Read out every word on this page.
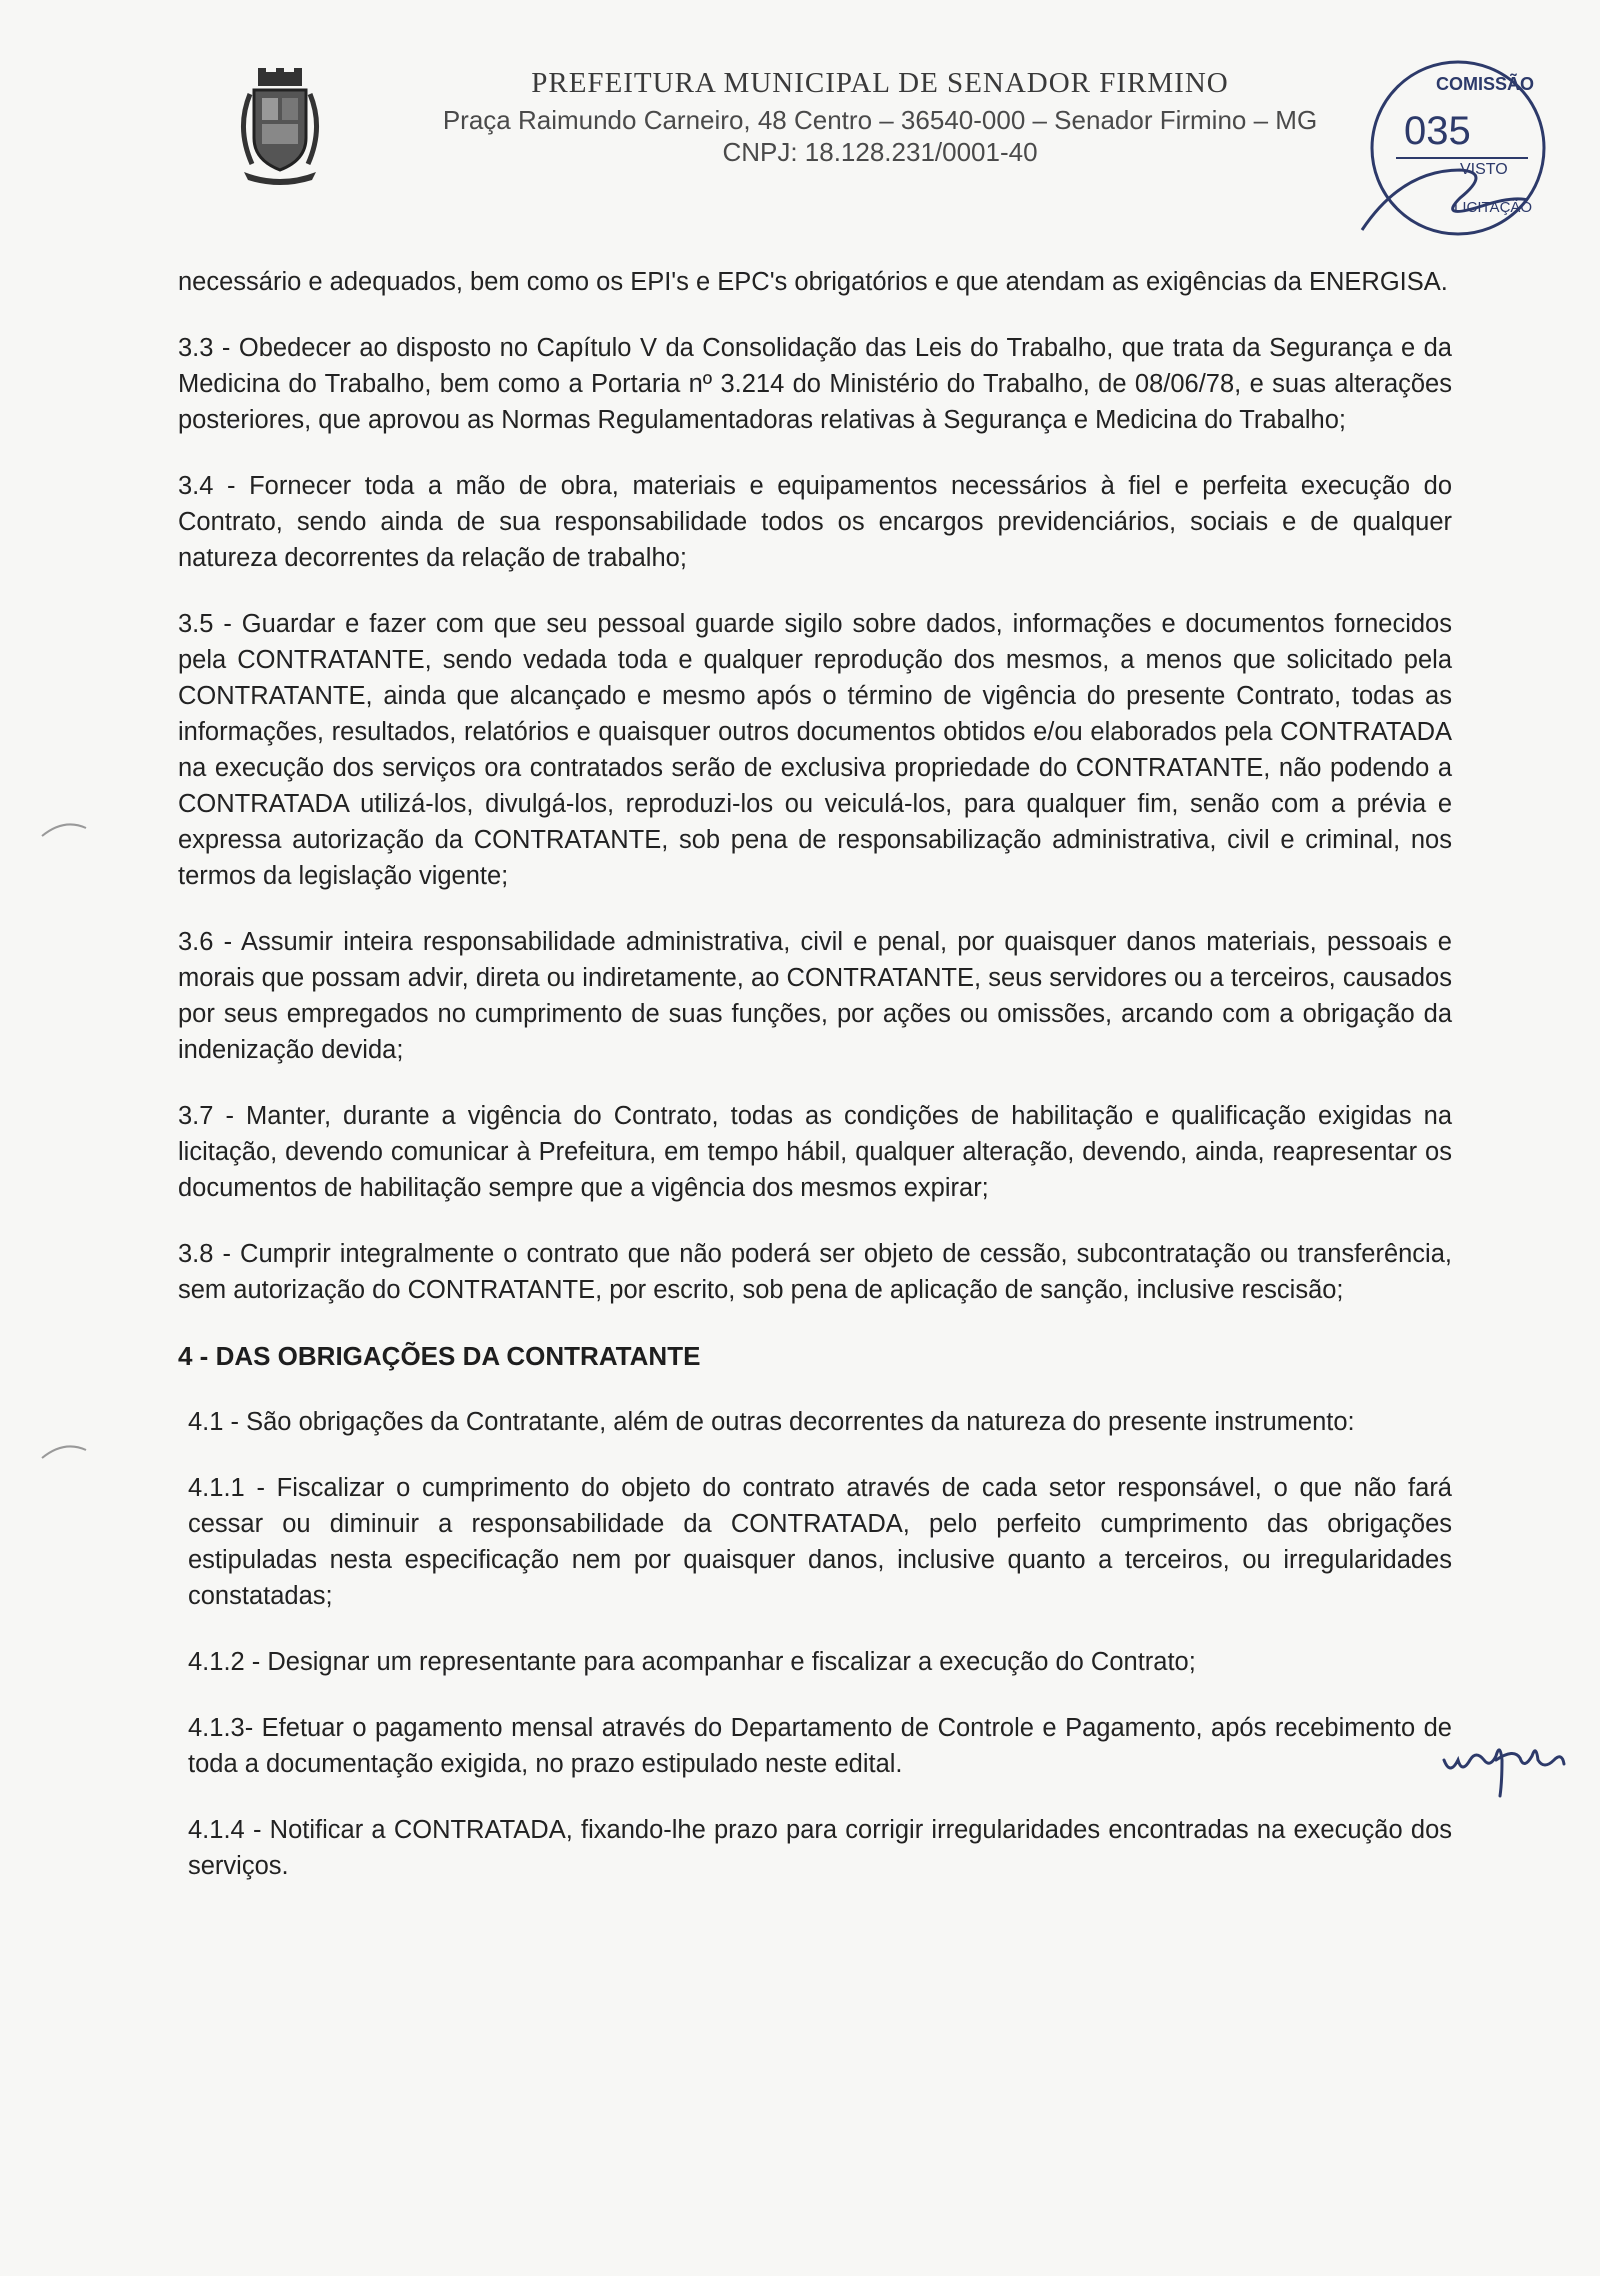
PREFEITURA MUNICIPAL DE SENADOR FIRMINO

Praça Raimundo Carneiro, 48 Centro – 36540-000 – Senador Firmino – MG

CNPJ: 18.128.231/0001-40

COMISSÃO
035
VISTO
LICITAÇÃO

necessário e adequados, bem como os EPI's e EPC's obrigatórios e que atendam as exigências da ENERGISA.

3.3 - Obedecer ao disposto no Capítulo V da Consolidação das Leis do Trabalho, que trata da Segurança e da Medicina do Trabalho, bem como a Portaria nº 3.214 do Ministério do Trabalho, de 08/06/78, e suas alterações posteriores, que aprovou as Normas Regulamentadoras relativas à Segurança e Medicina do Trabalho;

3.4 - Fornecer toda a mão de obra, materiais e equipamentos necessários à fiel e perfeita execução do Contrato, sendo ainda de sua responsabilidade todos os encargos previdenciários, sociais e de qualquer natureza decorrentes da relação de trabalho;

3.5 - Guardar e fazer com que seu pessoal guarde sigilo sobre dados, informações e documentos fornecidos pela CONTRATANTE, sendo vedada toda e qualquer reprodução dos mesmos, a menos que solicitado pela CONTRATANTE, ainda que alcançado e mesmo após o término de vigência do presente Contrato, todas as informações, resultados, relatórios e quaisquer outros documentos obtidos e/ou elaborados pela CONTRATADA na execução dos serviços ora contratados serão de exclusiva propriedade do CONTRATANTE, não podendo a CONTRATADA utilizá-los, divulgá-los, reproduzi-los ou veiculá-los, para qualquer fim, senão com a prévia e expressa autorização da CONTRATANTE, sob pena de responsabilização administrativa, civil e criminal, nos termos da legislação vigente;

3.6 - Assumir inteira responsabilidade administrativa, civil e penal, por quaisquer danos materiais, pessoais e morais que possam advir, direta ou indiretamente, ao CONTRATANTE, seus servidores ou a terceiros, causados por seus empregados no cumprimento de suas funções, por ações ou omissões, arcando com a obrigação da indenização devida;

3.7 - Manter, durante a vigência do Contrato, todas as condições de habilitação e qualificação exigidas na licitação, devendo comunicar à Prefeitura, em tempo hábil, qualquer alteração, devendo, ainda, reapresentar os documentos de habilitação sempre que a vigência dos mesmos expirar;

3.8 - Cumprir integralmente o contrato que não poderá ser objeto de cessão, subcontratação ou transferência, sem autorização do CONTRATANTE, por escrito, sob pena de aplicação de sanção, inclusive rescisão;

4 - DAS OBRIGAÇÕES DA CONTRATANTE

4.1 - São obrigações da Contratante, além de outras decorrentes da natureza do presente instrumento:

4.1.1 - Fiscalizar o cumprimento do objeto do contrato através de cada setor responsável, o que não fará cessar ou diminuir a responsabilidade da CONTRATADA, pelo perfeito cumprimento das obrigações estipuladas nesta especificação nem por quaisquer danos, inclusive quanto a terceiros, ou irregularidades constatadas;

4.1.2 - Designar um representante para acompanhar e fiscalizar a execução do Contrato;

4.1.3- Efetuar o pagamento mensal através do Departamento de Controle e Pagamento, após recebimento de toda a documentação exigida, no prazo estipulado neste edital.

4.1.4 - Notificar a CONTRATADA, fixando-lhe prazo para corrigir irregularidades encontradas na execução dos serviços.
